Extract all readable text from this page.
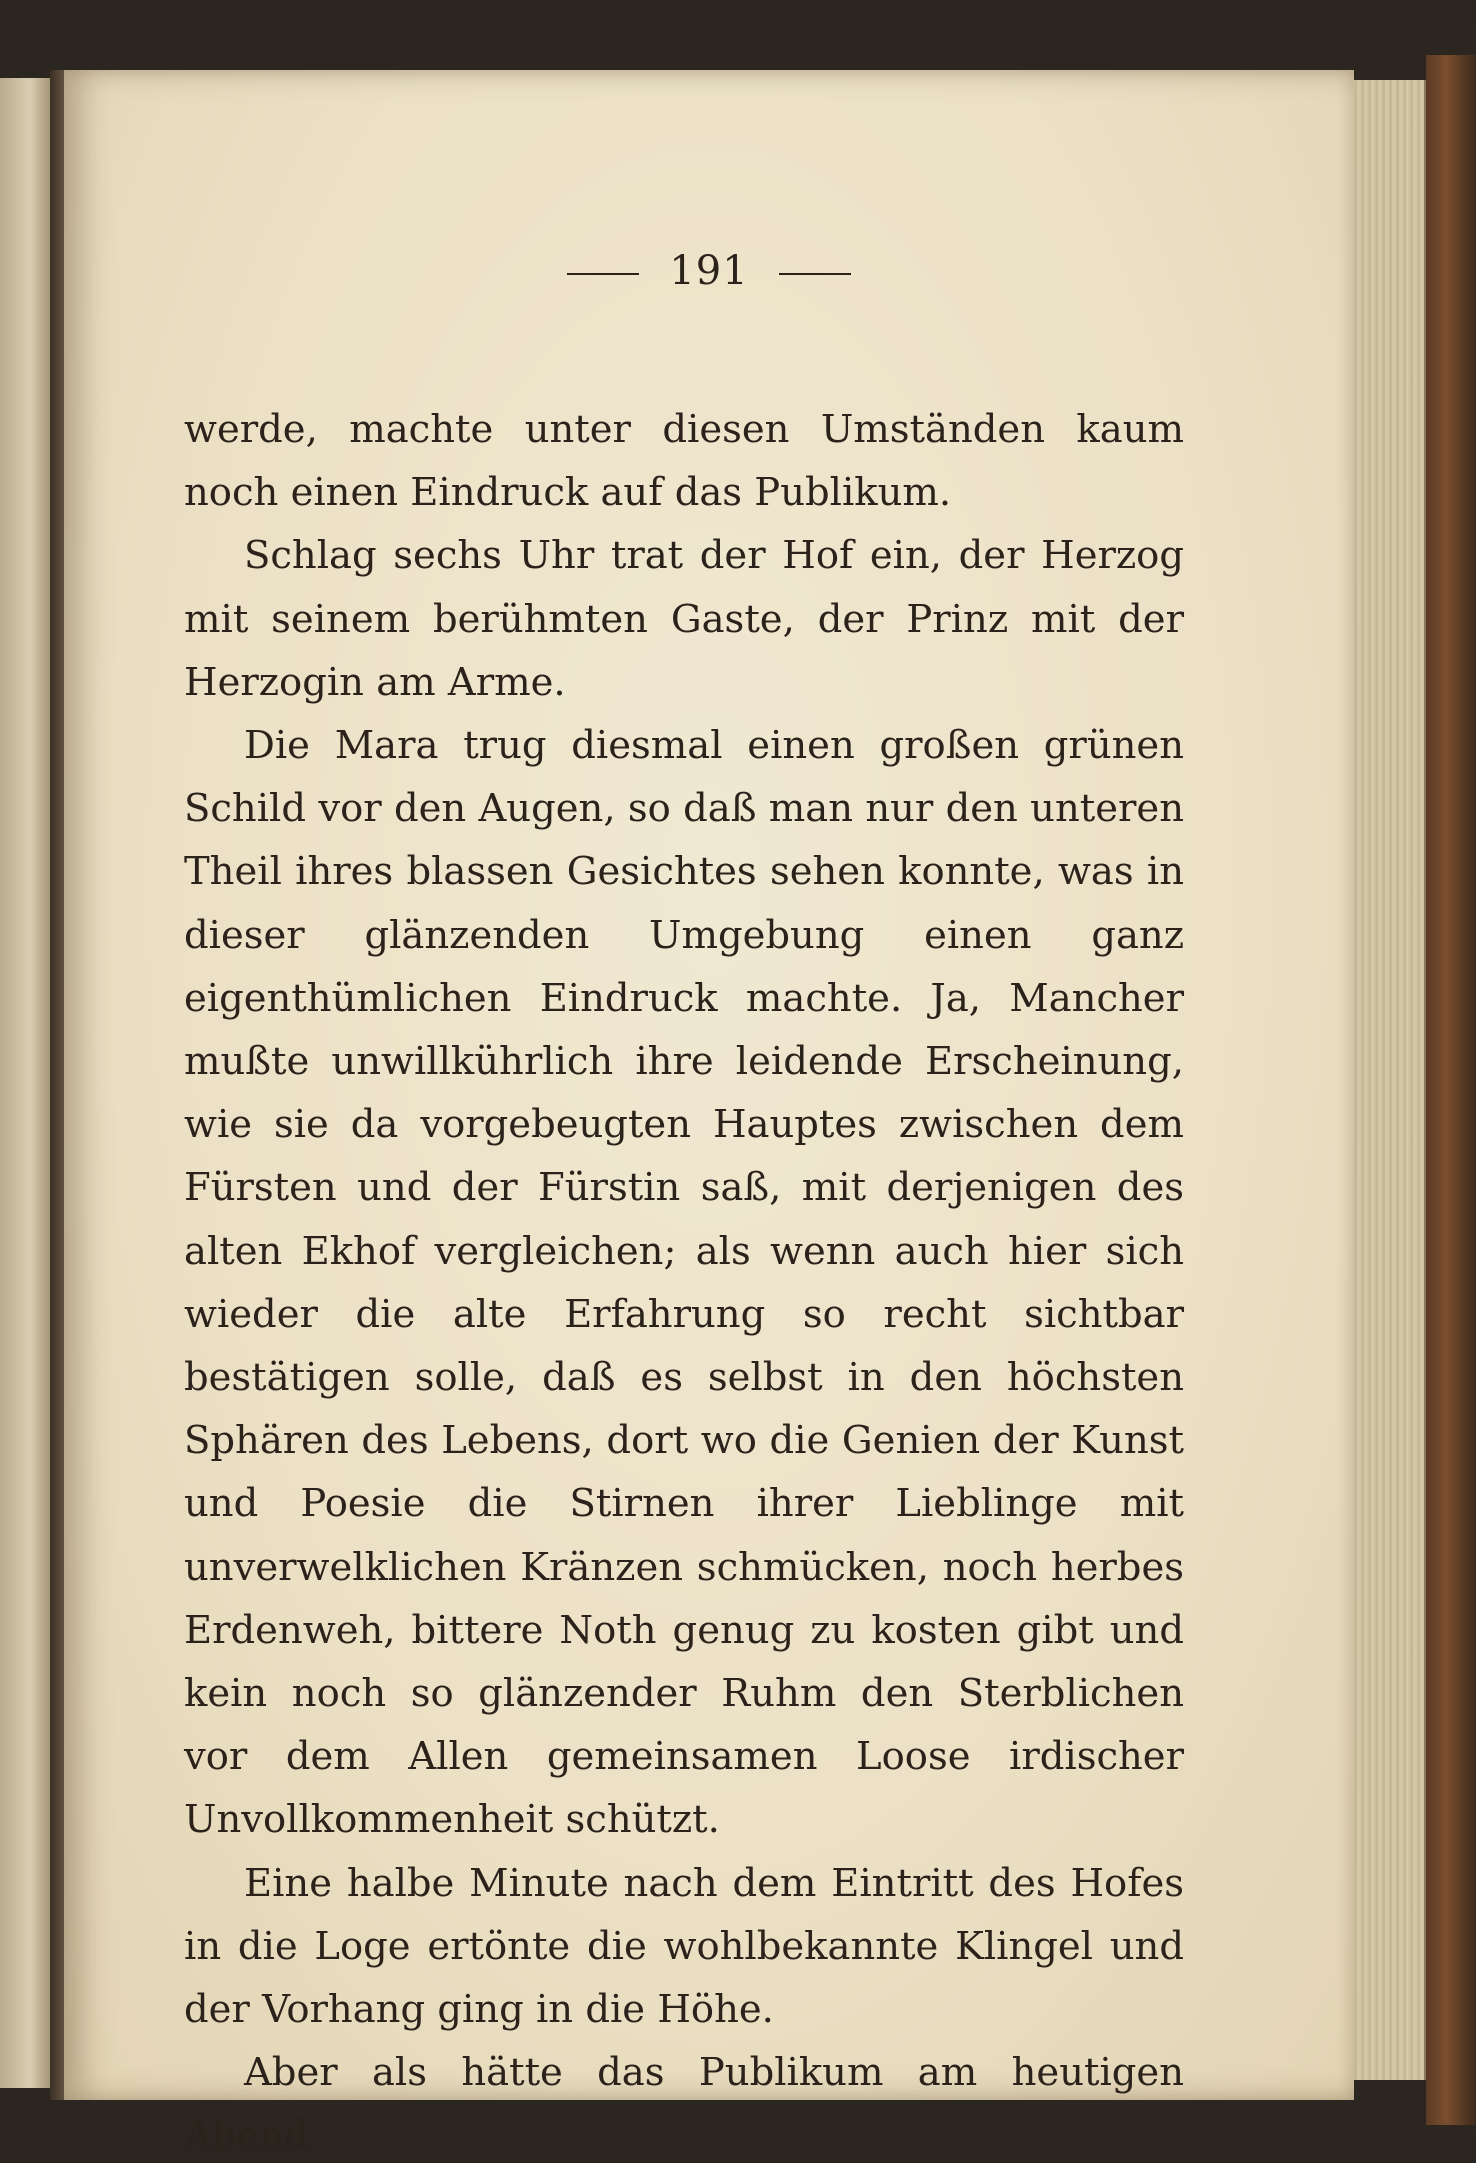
191

werde, machte unter diesen Umständen kaum noch einen Eindruck auf das Publikum.

Schlag sechs Uhr trat der Hof ein, der Herzog mit seinem berühmten Gaste, der Prinz mit der Herzogin am Arme.

Die Mara trug diesmal einen großen grünen Schild vor den Augen, so daß man nur den unteren Theil ihres blassen Gesichtes sehen konnte, was in dieser glänzenden Umgebung einen ganz eigenthümlichen Eindruck machte. Ja, Mancher mußte unwillkührlich ihre leidende Erscheinung, wie sie da vorgebeugten Hauptes zwischen dem Fürsten und der Fürstin saß, mit derjenigen des alten Ekhof vergleichen; als wenn auch hier sich wieder die alte Erfahrung so recht sichtbar bestätigen solle, daß es selbst in den höchsten Sphären des Lebens, dort wo die Genien der Kunst und Poesie die Stirnen ihrer Lieblinge mit unverwelklichen Kränzen schmücken, noch herbes Erdenweh, bittere Noth genug zu kosten gibt und kein noch so glänzender Ruhm den Sterblichen vor dem Allen gemeinsamen Loose irdischer Unvollkommenheit schützt.

Eine halbe Minute nach dem Eintritt des Hofes in die Loge ertönte die wohlbekannte Klingel und der Vorhang ging in die Höhe.

Aber als hätte das Publikum am heutigen Abend
